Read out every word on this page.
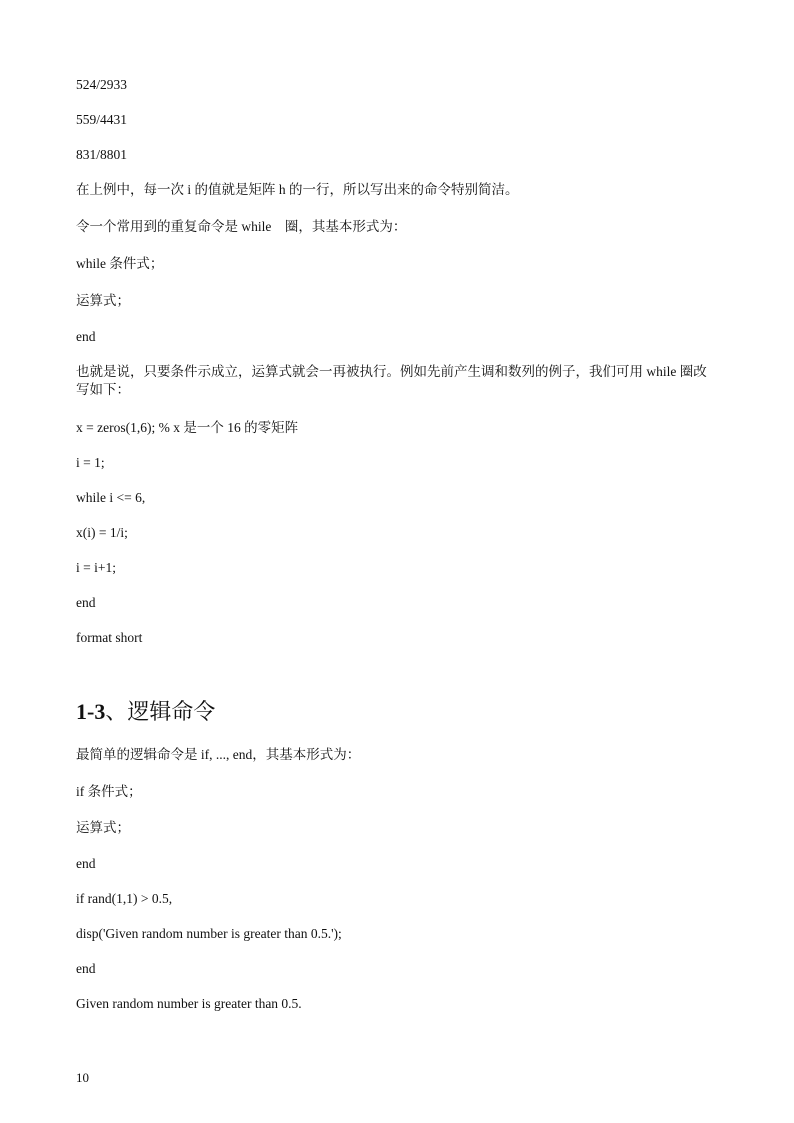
524/2933
559/4431
831/8801
在上例中，每一次 i 的值就是矩阵 h 的一行，所以写出来的命令特别简洁。
令一个常用到的重复命令是 while　圈，其基本形式为：
while 条件式；
运算式；
end
也就是说，只要条件示成立，运算式就会一再被执行。例如先前产生调和数列的例子，我们可用 while 圈改写如下：
x = zeros(1,6); % x 是一个 16 的零矩阵
i = 1;
while i <= 6,
x(i) = 1/i;
i = i+1;
end
format short
1-3、逻辑命令
最简单的逻辑命令是 if, ..., end，其基本形式为：
if 条件式；
运算式；
end
if rand(1,1) > 0.5,
disp('Given random number is greater than 0.5.');
end
Given random number is greater than 0.5.
10
